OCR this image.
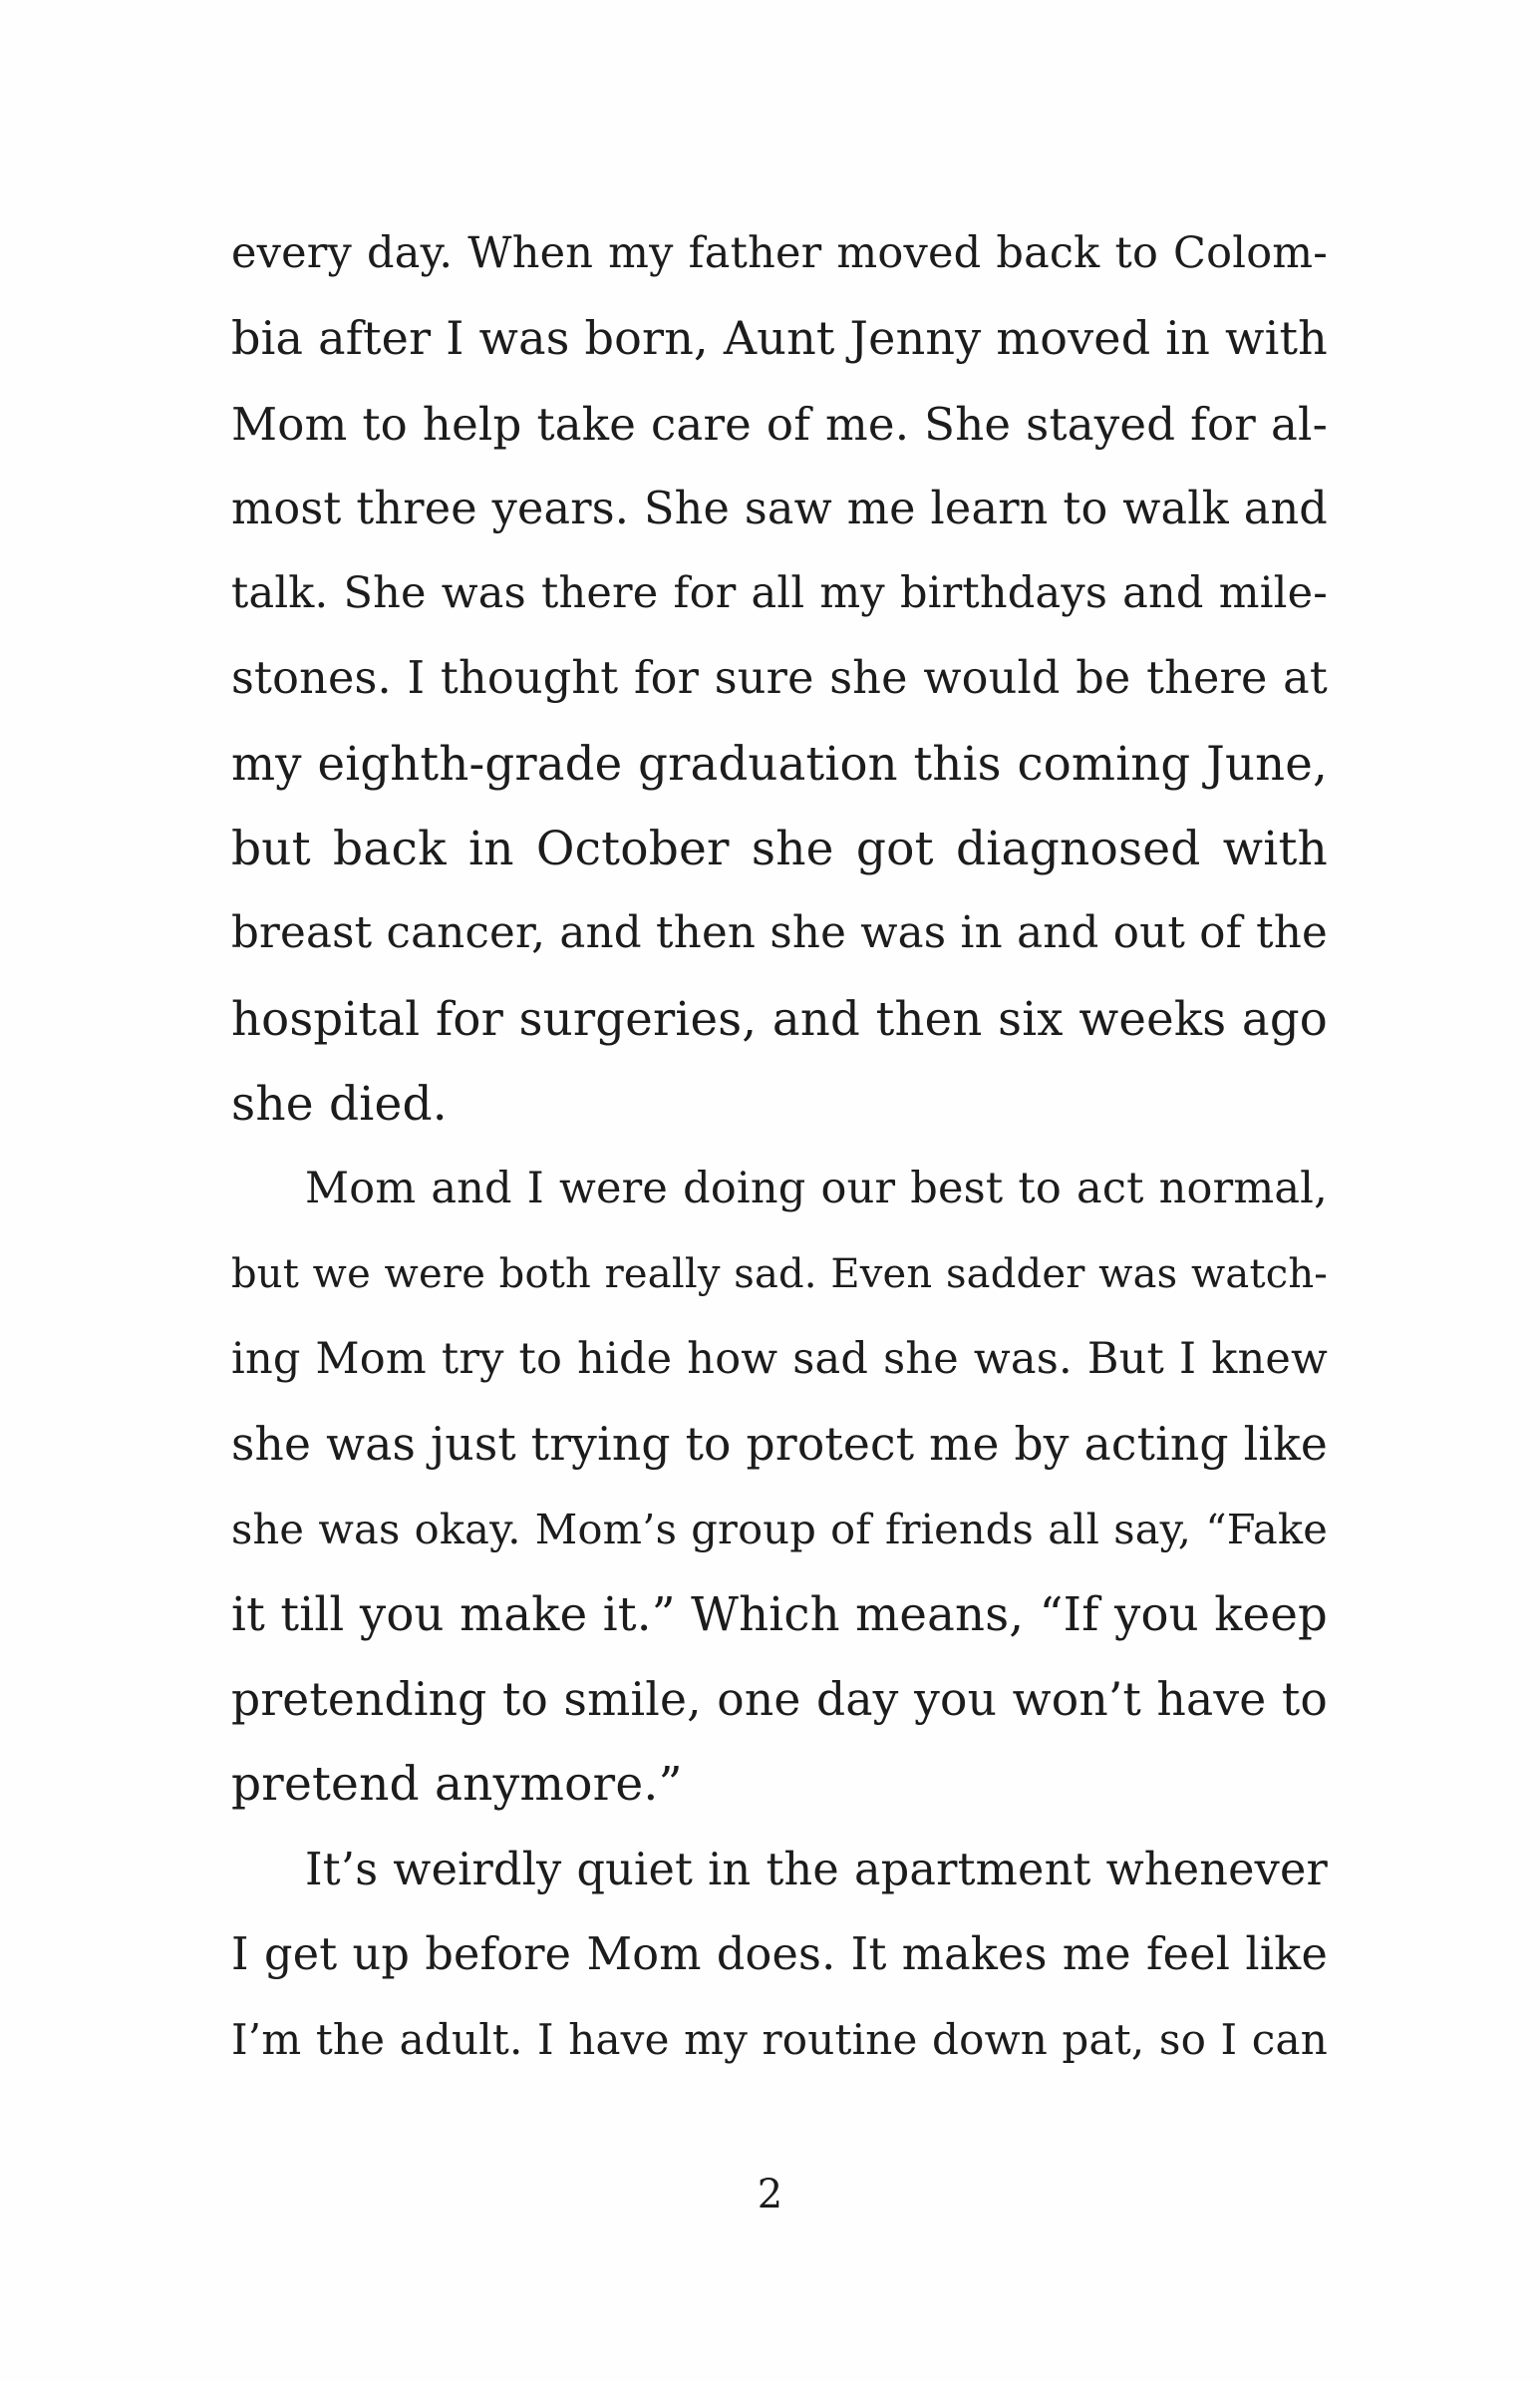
every day. When my father moved back to Colom-
bia after I was born, Aunt Jenny moved in with
Mom to help take care of me. She stayed for al-
most three years. She saw me learn to walk and
talk. She was there for all my birthdays and mile-
stones. I thought for sure she would be there at
my eighth-grade graduation this coming June,
but back in October she got diagnosed with
breast cancer, and then she was in and out of the
hospital for surgeries, and then six weeks ago
she died.
Mom and I were doing our best to act normal,
but we were both really sad. Even sadder was watch-
ing Mom try to hide how sad she was. But I knew
she was just trying to protect me by acting like
she was okay. Mom’s group of friends all say, “Fake
it till you make it.” Which means, “If you keep
pretending to smile, one day you won’t have to
pretend anymore.”
It’s weirdly quiet in the apartment whenever
I get up before Mom does. It makes me feel like
I’m the adult. I have my routine down pat, so I can
2
